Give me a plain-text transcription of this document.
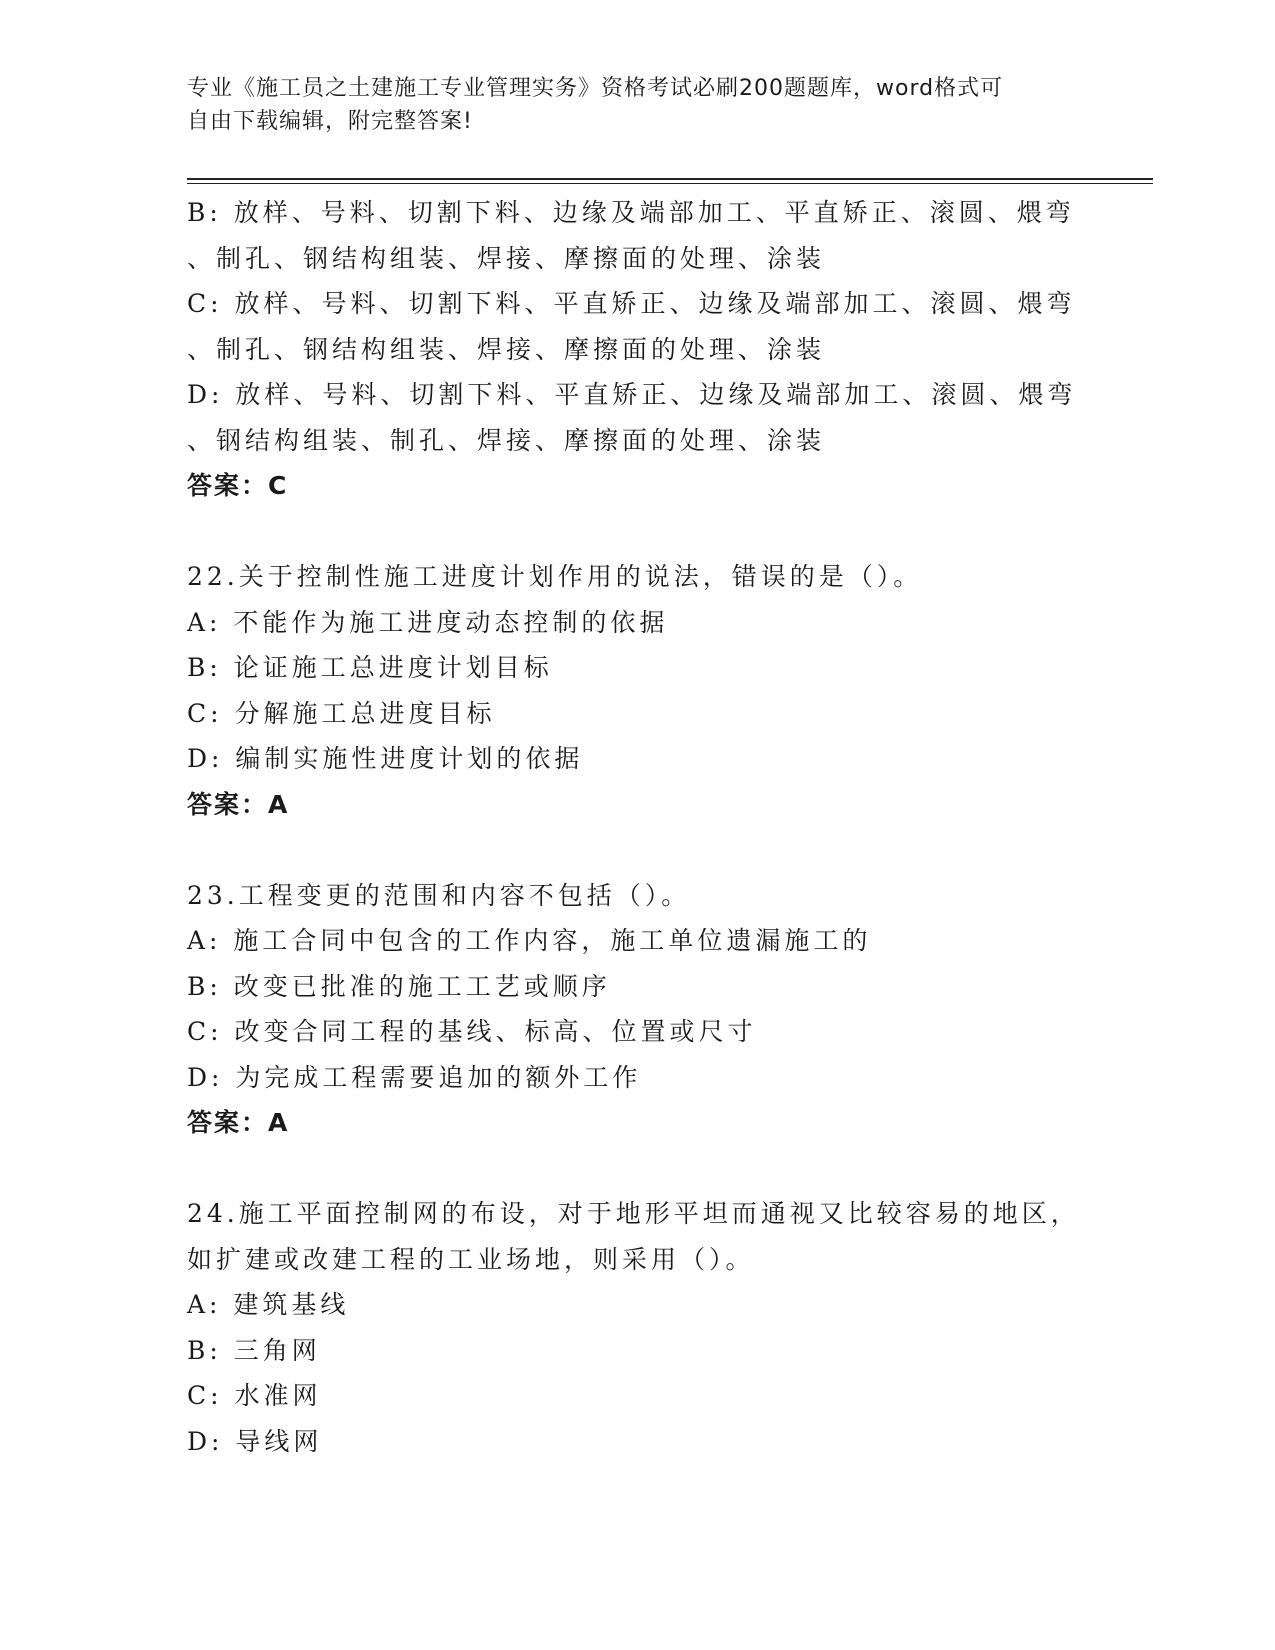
专业《施工员之土建施工专业管理实务》资格考试必刷200题题库，word格式可
自由下载编辑，附完整答案!
B: 放样、号料、切割下料、边缘及端部加工、平直矫正、滚圆、煨弯
、制孔、钢结构组装、焊接、摩擦面的处理、涂装
C: 放样、号料、切割下料、平直矫正、边缘及端部加工、滚圆、煨弯
、制孔、钢结构组装、焊接、摩擦面的处理、涂装
D: 放样、号料、切割下料、平直矫正、边缘及端部加工、滚圆、煨弯
、钢结构组装、制孔、焊接、摩擦面的处理、涂装
答案：C
22.关于控制性施工进度计划作用的说法，错误的是（）。
A: 不能作为施工进度动态控制的依据
B: 论证施工总进度计划目标
C: 分解施工总进度目标
D: 编制实施性进度计划的依据
答案：A
23.工程变更的范围和内容不包括（）。
A: 施工合同中包含的工作内容，施工单位遗漏施工的
B: 改变已批准的施工工艺或顺序
C: 改变合同工程的基线、标高、位置或尺寸
D: 为完成工程需要追加的额外工作
答案：A
24.施工平面控制网的布设，对于地形平坦而通视又比较容易的地区，
如扩建或改建工程的工业场地，则采用（）。
A: 建筑基线
B: 三角网
C: 水准网
D: 导线网
